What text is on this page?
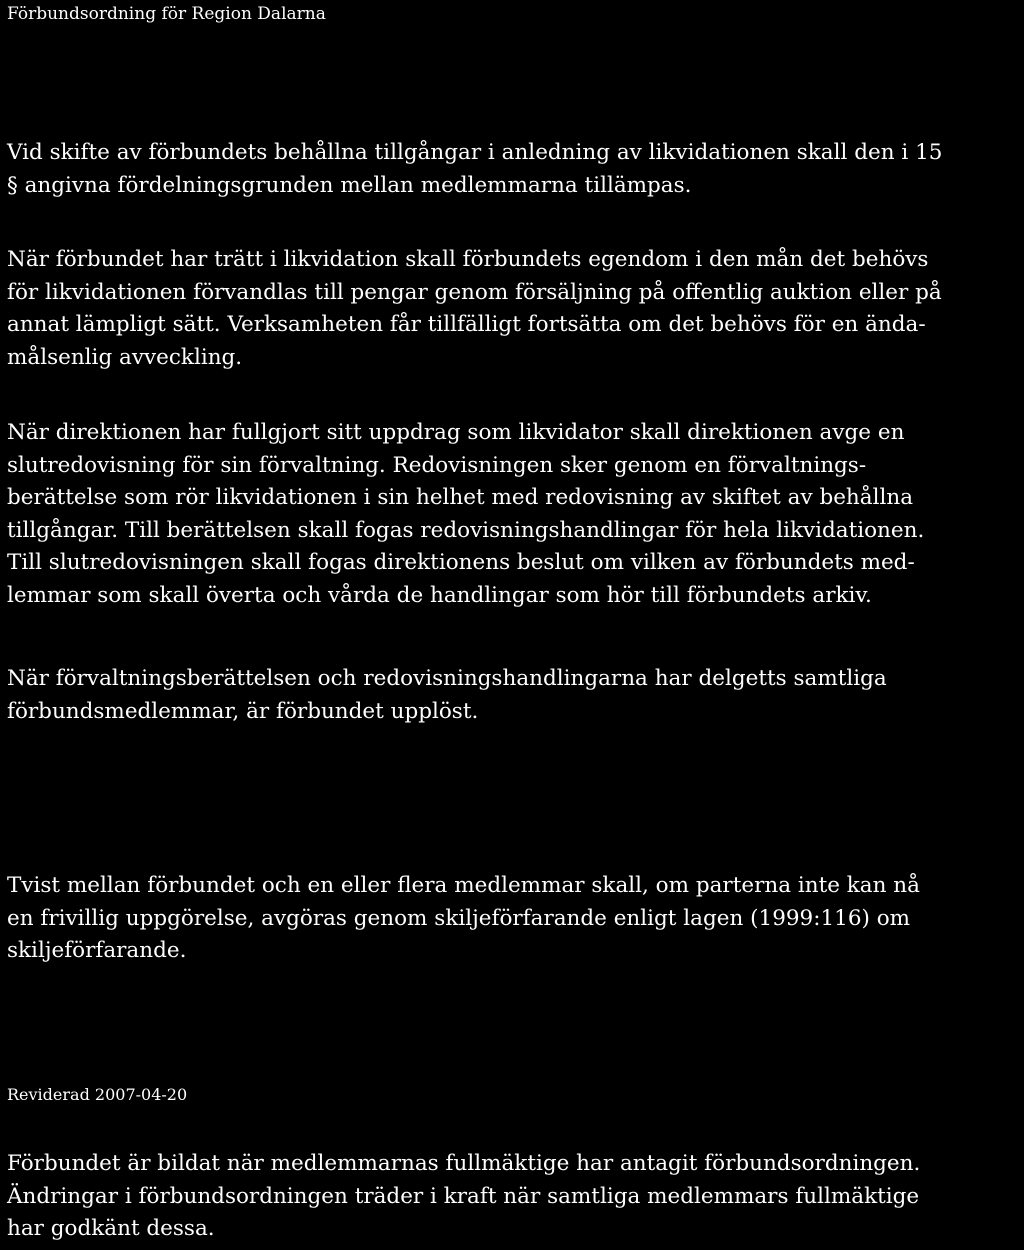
Förbundsordning för Region Dalarna

Vid skifte av förbundets behållna tillgångar i anledning av likvidationen skall den i 15
§ angivna fördelningsgrunden mellan medlemmarna tillämpas.

När förbundet har trätt i likvidation skall förbundets egendom i den mån det behövs
för likvidationen förvandlas till pengar genom försäljning på offentlig auktion eller på
annat lämpligt sätt. Verksamheten får tillfälligt fortsätta om det behövs för en ända-
målsenlig avveckling.

När direktionen har fullgjort sitt uppdrag som likvidator skall direktionen avge en
slutredovisning för sin förvaltning. Redovisningen sker genom en förvaltnings-
berättelse som rör likvidationen i sin helhet med redovisning av skiftet av behållna
tillgångar. Till berättelsen skall fogas redovisningshandlingar för hela likvidationen.
Till slutredovisningen skall fogas direktionens beslut om vilken av förbundets med-
lemmar som skall överta och vårda de handlingar som hör till förbundets arkiv.

När förvaltningsberättelsen och redovisningshandlingarna har delgetts samtliga
förbundsmedlemmar, är förbundet upplöst.

Tvist mellan förbundet och en eller flera medlemmar skall, om parterna inte kan nå
en frivillig uppgörelse, avgöras genom skiljeförfarande enligt lagen (1999:116) om
skiljeförfarande.

Reviderad 2007-04-20

Förbundet är bildat när medlemmarnas fullmäktige har antagit förbundsordningen.
Ändringar i förbundsordningen träder i kraft när samtliga medlemmars fullmäktige
har godkänt dessa.
